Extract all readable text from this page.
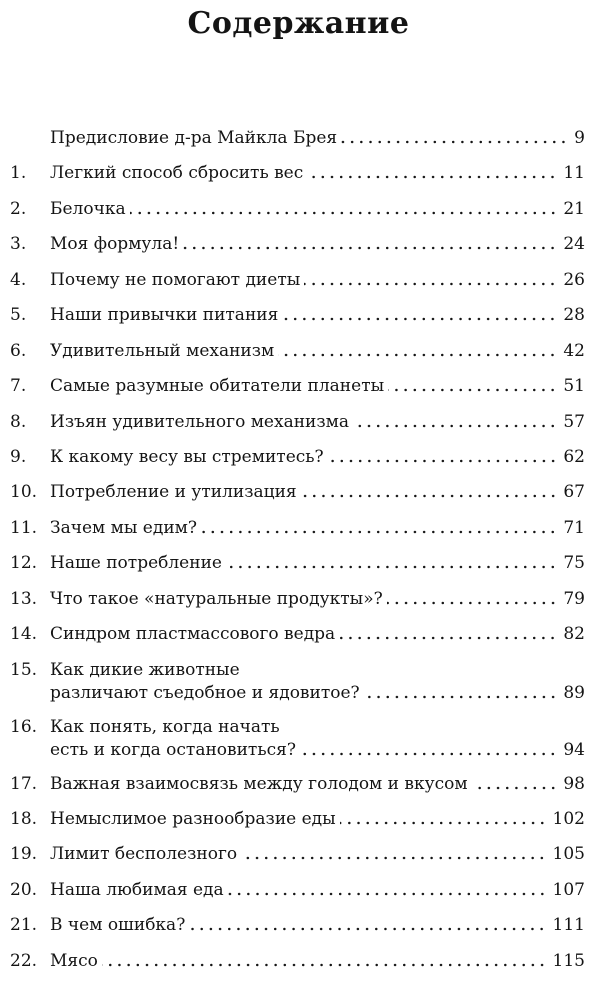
Содержание
Предисловие д-ра Майкла Брея	9
1. Легкий способ сбросить вес	11
2. Белочка	21
3. Моя формула!	24
4. Почему не помогают диеты	26
5. Наши привычки питания	28
6. Удивительный механизм	42
7. Самые разумные обитатели планеты	51
8. Изъян удивительного механизма	57
9. К какому весу вы стремитесь?	62
10. Потребление и утилизация	67
11. Зачем мы едим?	71
12. Наше потребление	75
13. Что такое «натуральные продукты»?	79
14. Синдром пластмассового ведра	82
15. Как дикие животные
различают съедобное и ядовитое?	89
16. Как понять, когда начать
есть и когда остановиться?	94
17. Важная взаимосвязь между голодом и вкусом	98
18. Немыслимое разнообразие еды	102
19. Лимит бесполезного	105
20. Наша любимая еда	107
21. В чем ошибка?	111
22. Мясо	115
